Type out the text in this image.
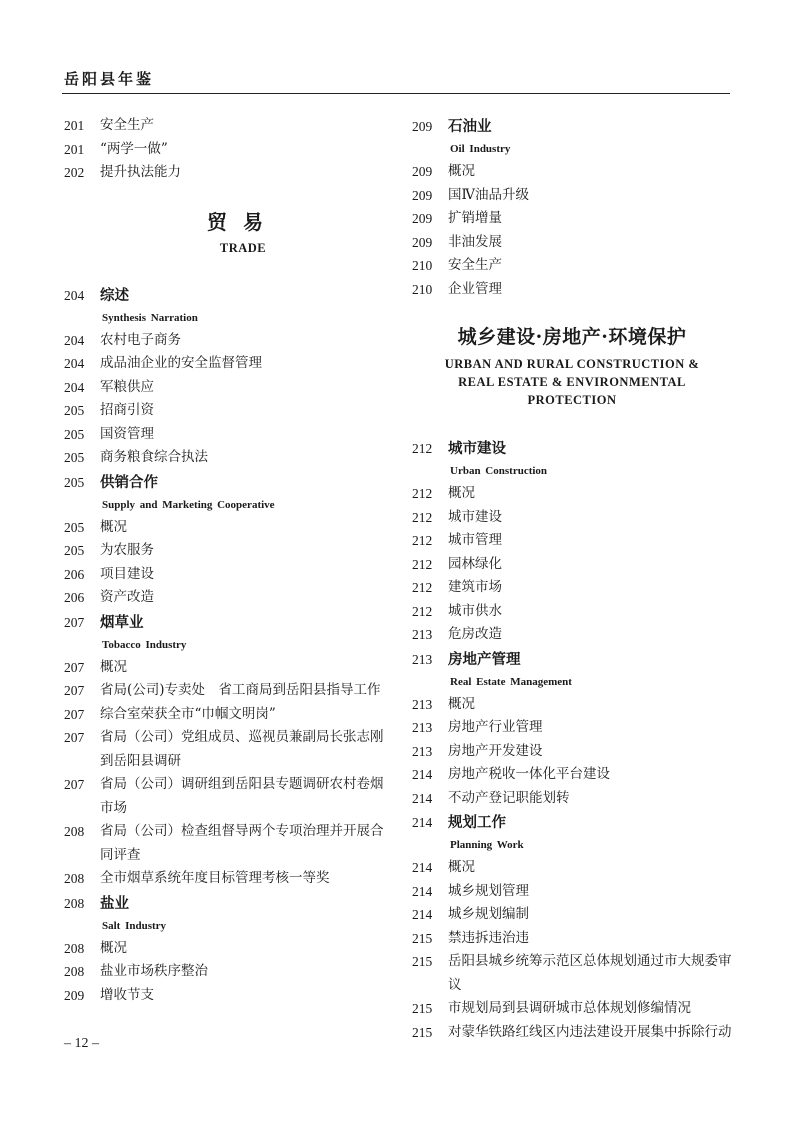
岳阳县年鉴
201	安全生产
201	“两学一做”
202	提升执法能力
贸易
TRADE
204	综述
Synthesis Narration
204	农村电子商务
204	成品油企业的安全监督管理
204	军粮供应
205	招商引资
205	国资管理
205	商务粮食综合执法
205	供销合作
Supply and Marketing Cooperative
205	概况
205	为农服务
206	项目建设
206	资产改造
207	烟草业
Tobacco Industry
207	概况
207	省局(公司)专卖处　省工商局到岳阳县指导工作
207	综合室荣获全市“巾帼文明岗”
207	省局（公司）党组成员、巡视员兼副局长张志刚到岳阳县调研
207	省局（公司）调研组到岳阳县专题调研农村卷烟市场
208	省局（公司）检查组督导两个专项治理并开展合同评查
208	全市烟草系统年度目标管理考核一等奖
208	盐业
Salt Industry
208	概况
208	盐业市场秩序整治
209	增收节支
209	石油业
Oil Industry
209	概况
209	国Ⅳ油品升级
209	扩销增量
209	非油发展
210	安全生产
210	企业管理
城乡建设·房地产·环境保护
URBAN AND RURAL CONSTRUCTION &
REAL ESTATE & ENVIRONMENTAL
PROTECTION
212	城市建设
Urban Construction
212	概况
212	城市建设
212	城市管理
212	园林绿化
212	建筑市场
212	城市供水
213	危房改造
213	房地产管理
Real Estate Management
213	概况
213	房地产行业管理
213	房地产开发建设
214	房地产税收一体化平台建设
214	不动产登记职能划转
214	规划工作
Planning Work
214	概况
214	城乡规划管理
214	城乡规划编制
215	禁违拆违治违
215	岳阳县城乡统筹示范区总体规划通过市大规委审议
215	市规划局到县调研城市总体规划修编情况
215	对蒙华铁路红线区内违法建设开展集中拆除行动
– 12 –
